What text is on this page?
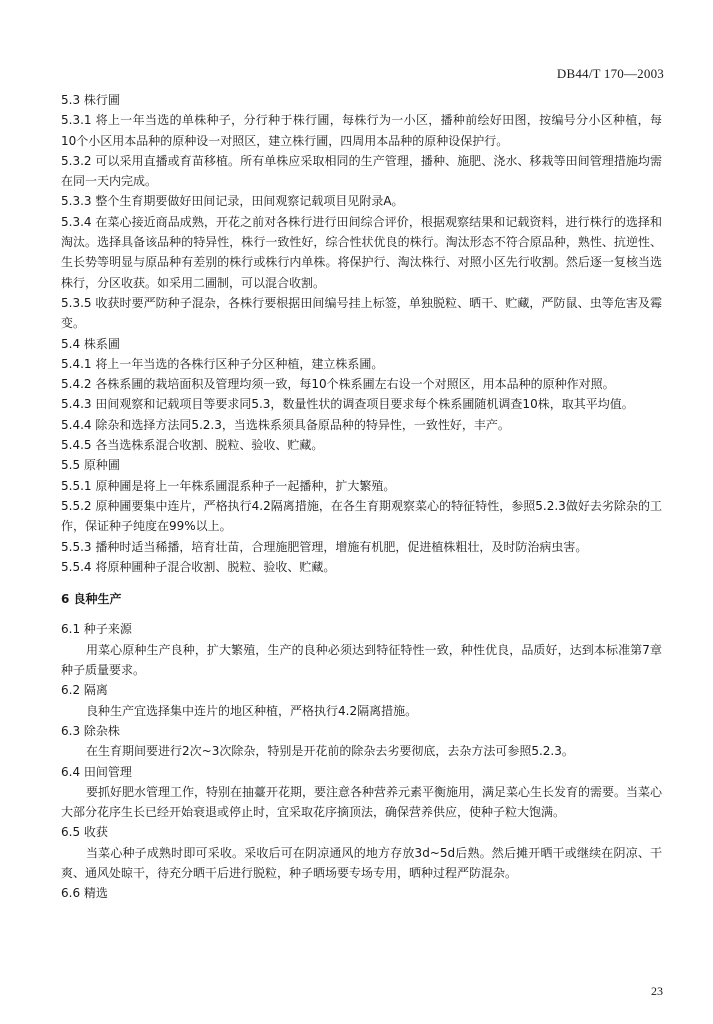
DB44/T 170—2003

5.3 株行圃

5.3.1 将上一年当选的单株种子，分行种于株行圃，每株行为一小区，播种前绘好田图，按编号分小区种植，每10个小区用本品种的原种设一对照区，建立株行圃，四周用本品种的原种设保护行。

5.3.2 可以采用直播或育苗移植。所有单株应采取相同的生产管理，播种、施肥、浇水、移栽等田间管理措施均需在同一天内完成。

5.3.3 整个生育期要做好田间记录，田间观察记载项目见附录A。

5.3.4 在菜心接近商品成熟，开花之前对各株行进行田间综合评价，根据观察结果和记载资料，进行株行的选择和淘汰。选择具备该品种的特异性，株行一致性好，综合性状优良的株行。淘汰形态不符合原品种，熟性、抗逆性、生长势等明显与原品种有差别的株行或株行内单株。将保护行、淘汰株行、对照小区先行收割。然后逐一复核当选株行，分区收获。如采用二圃制，可以混合收割。

5.3.5 收获时要严防种子混杂，各株行要根据田间编号挂上标签，单独脱粒、晒干、贮藏，严防鼠、虫等危害及霉变。

5.4 株系圃

5.4.1 将上一年当选的各株行区种子分区种植，建立株系圃。

5.4.2 各株系圃的栽培面积及管理均须一致，每10个株系圃左右设一个对照区，用本品种的原种作对照。

5.4.3 田间观察和记载项目等要求同5.3，数量性状的调查项目要求每个株系圃随机调查10株，取其平均值。

5.4.4 除杂和选择方法同5.2.3，当选株系须具备原品种的特异性，一致性好，丰产。

5.4.5 各当选株系混合收割、脱粒、验收、贮藏。

5.5 原种圃

5.5.1 原种圃是将上一年株系圃混系种子一起播种，扩大繁殖。

5.5.2 原种圃要集中连片，严格执行4.2隔离措施，在各生育期观察菜心的特征特性，参照5.2.3做好去劣除杂的工作，保证种子纯度在99%以上。

5.5.3 播种时适当稀播，培育壮苗，合理施肥管理，增施有机肥，促进植株粗壮，及时防治病虫害。

5.5.4 将原种圃种子混合收割、脱粒、验收、贮藏。

6 良种生产

6.1 种子来源

用菜心原种生产良种，扩大繁殖，生产的良种必须达到特征特性一致，种性优良，品质好，达到本标准第7章种子质量要求。

6.2 隔离

良种生产宜选择集中连片的地区种植，严格执行4.2隔离措施。

6.3 除杂株

在生育期间要进行2次~3次除杂，特别是开花前的除杂去劣要彻底，去杂方法可参照5.2.3。

6.4 田间管理

要抓好肥水管理工作，特别在抽薹开花期，要注意各种营养元素平衡施用，满足菜心生长发育的需要。当菜心大部分花序生长已经开始衰退或停止时，宜采取花序摘顶法，确保营养供应，使种子粒大饱满。

6.5 收获

当菜心种子成熟时即可采收。采收后可在阴凉通风的地方存放3d~5d后熟。然后摊开晒干或继续在阴凉、干爽、通风处晾干，待充分晒干后进行脱粒，种子晒场要专场专用，晒种过程严防混杂。

6.6 精选

23
